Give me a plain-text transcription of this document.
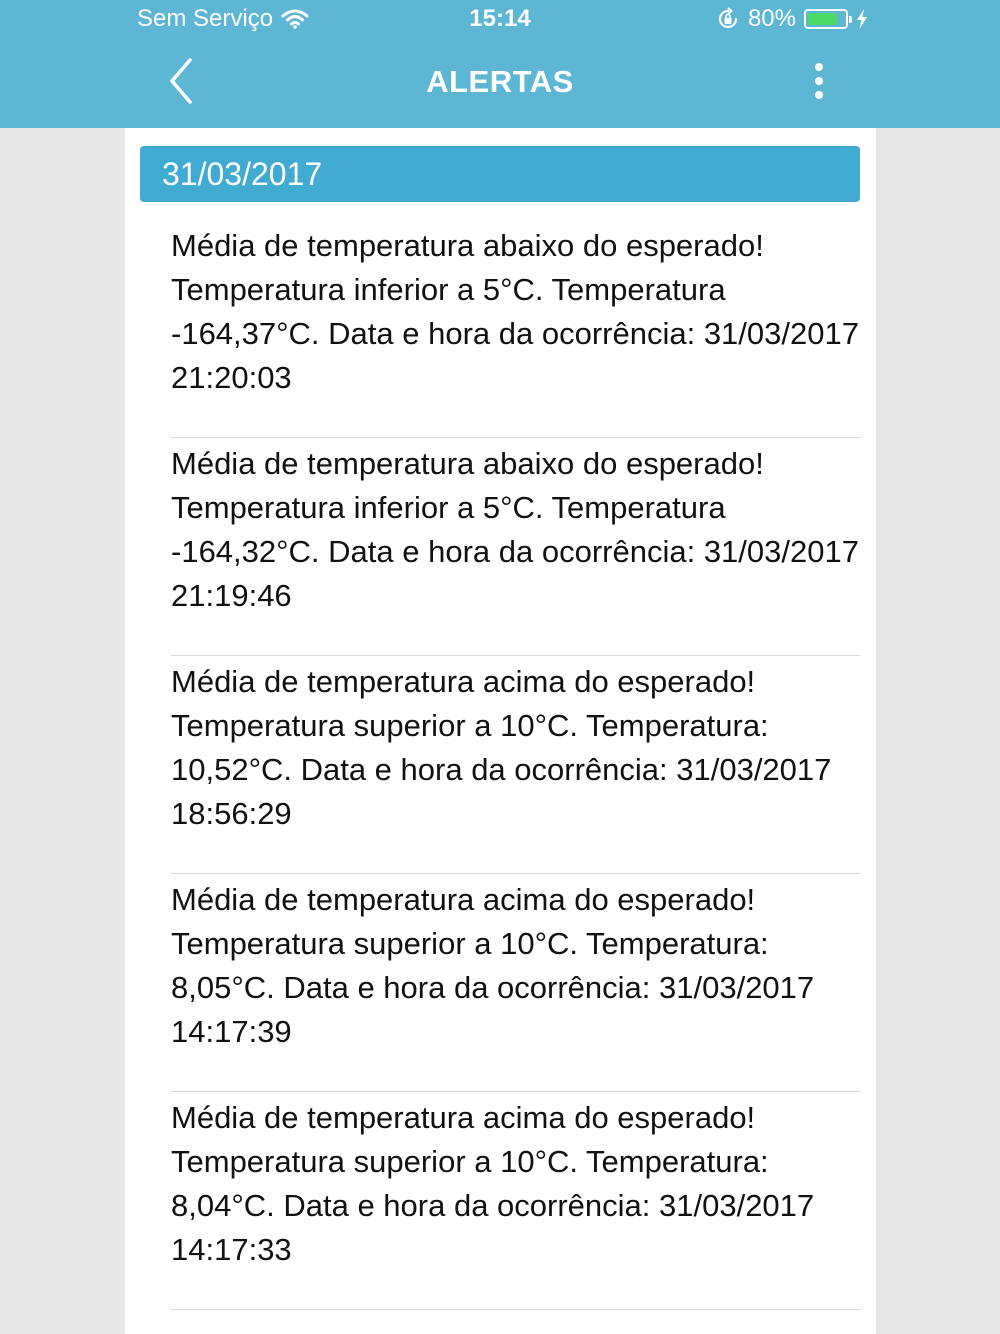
Sem Serviço	15:14	80%
ALERTAS
31/03/2017
Média de temperatura abaixo do esperado! Temperatura inferior a 5°C. Temperatura -164,37°C. Data e hora da ocorrência: 31/03/2017 21:20:03
Média de temperatura abaixo do esperado! Temperatura inferior a 5°C. Temperatura -164,32°C. Data e hora da ocorrência: 31/03/2017 21:19:46
Média de temperatura acima do esperado! Temperatura superior a 10°C. Temperatura: 10,52°C. Data e hora da ocorrência: 31/03/2017 18:56:29
Média de temperatura acima do esperado! Temperatura superior a 10°C. Temperatura: 8,05°C. Data e hora da ocorrência: 31/03/2017 14:17:39
Média de temperatura acima do esperado! Temperatura superior a 10°C. Temperatura: 8,04°C. Data e hora da ocorrência: 31/03/2017 14:17:33
